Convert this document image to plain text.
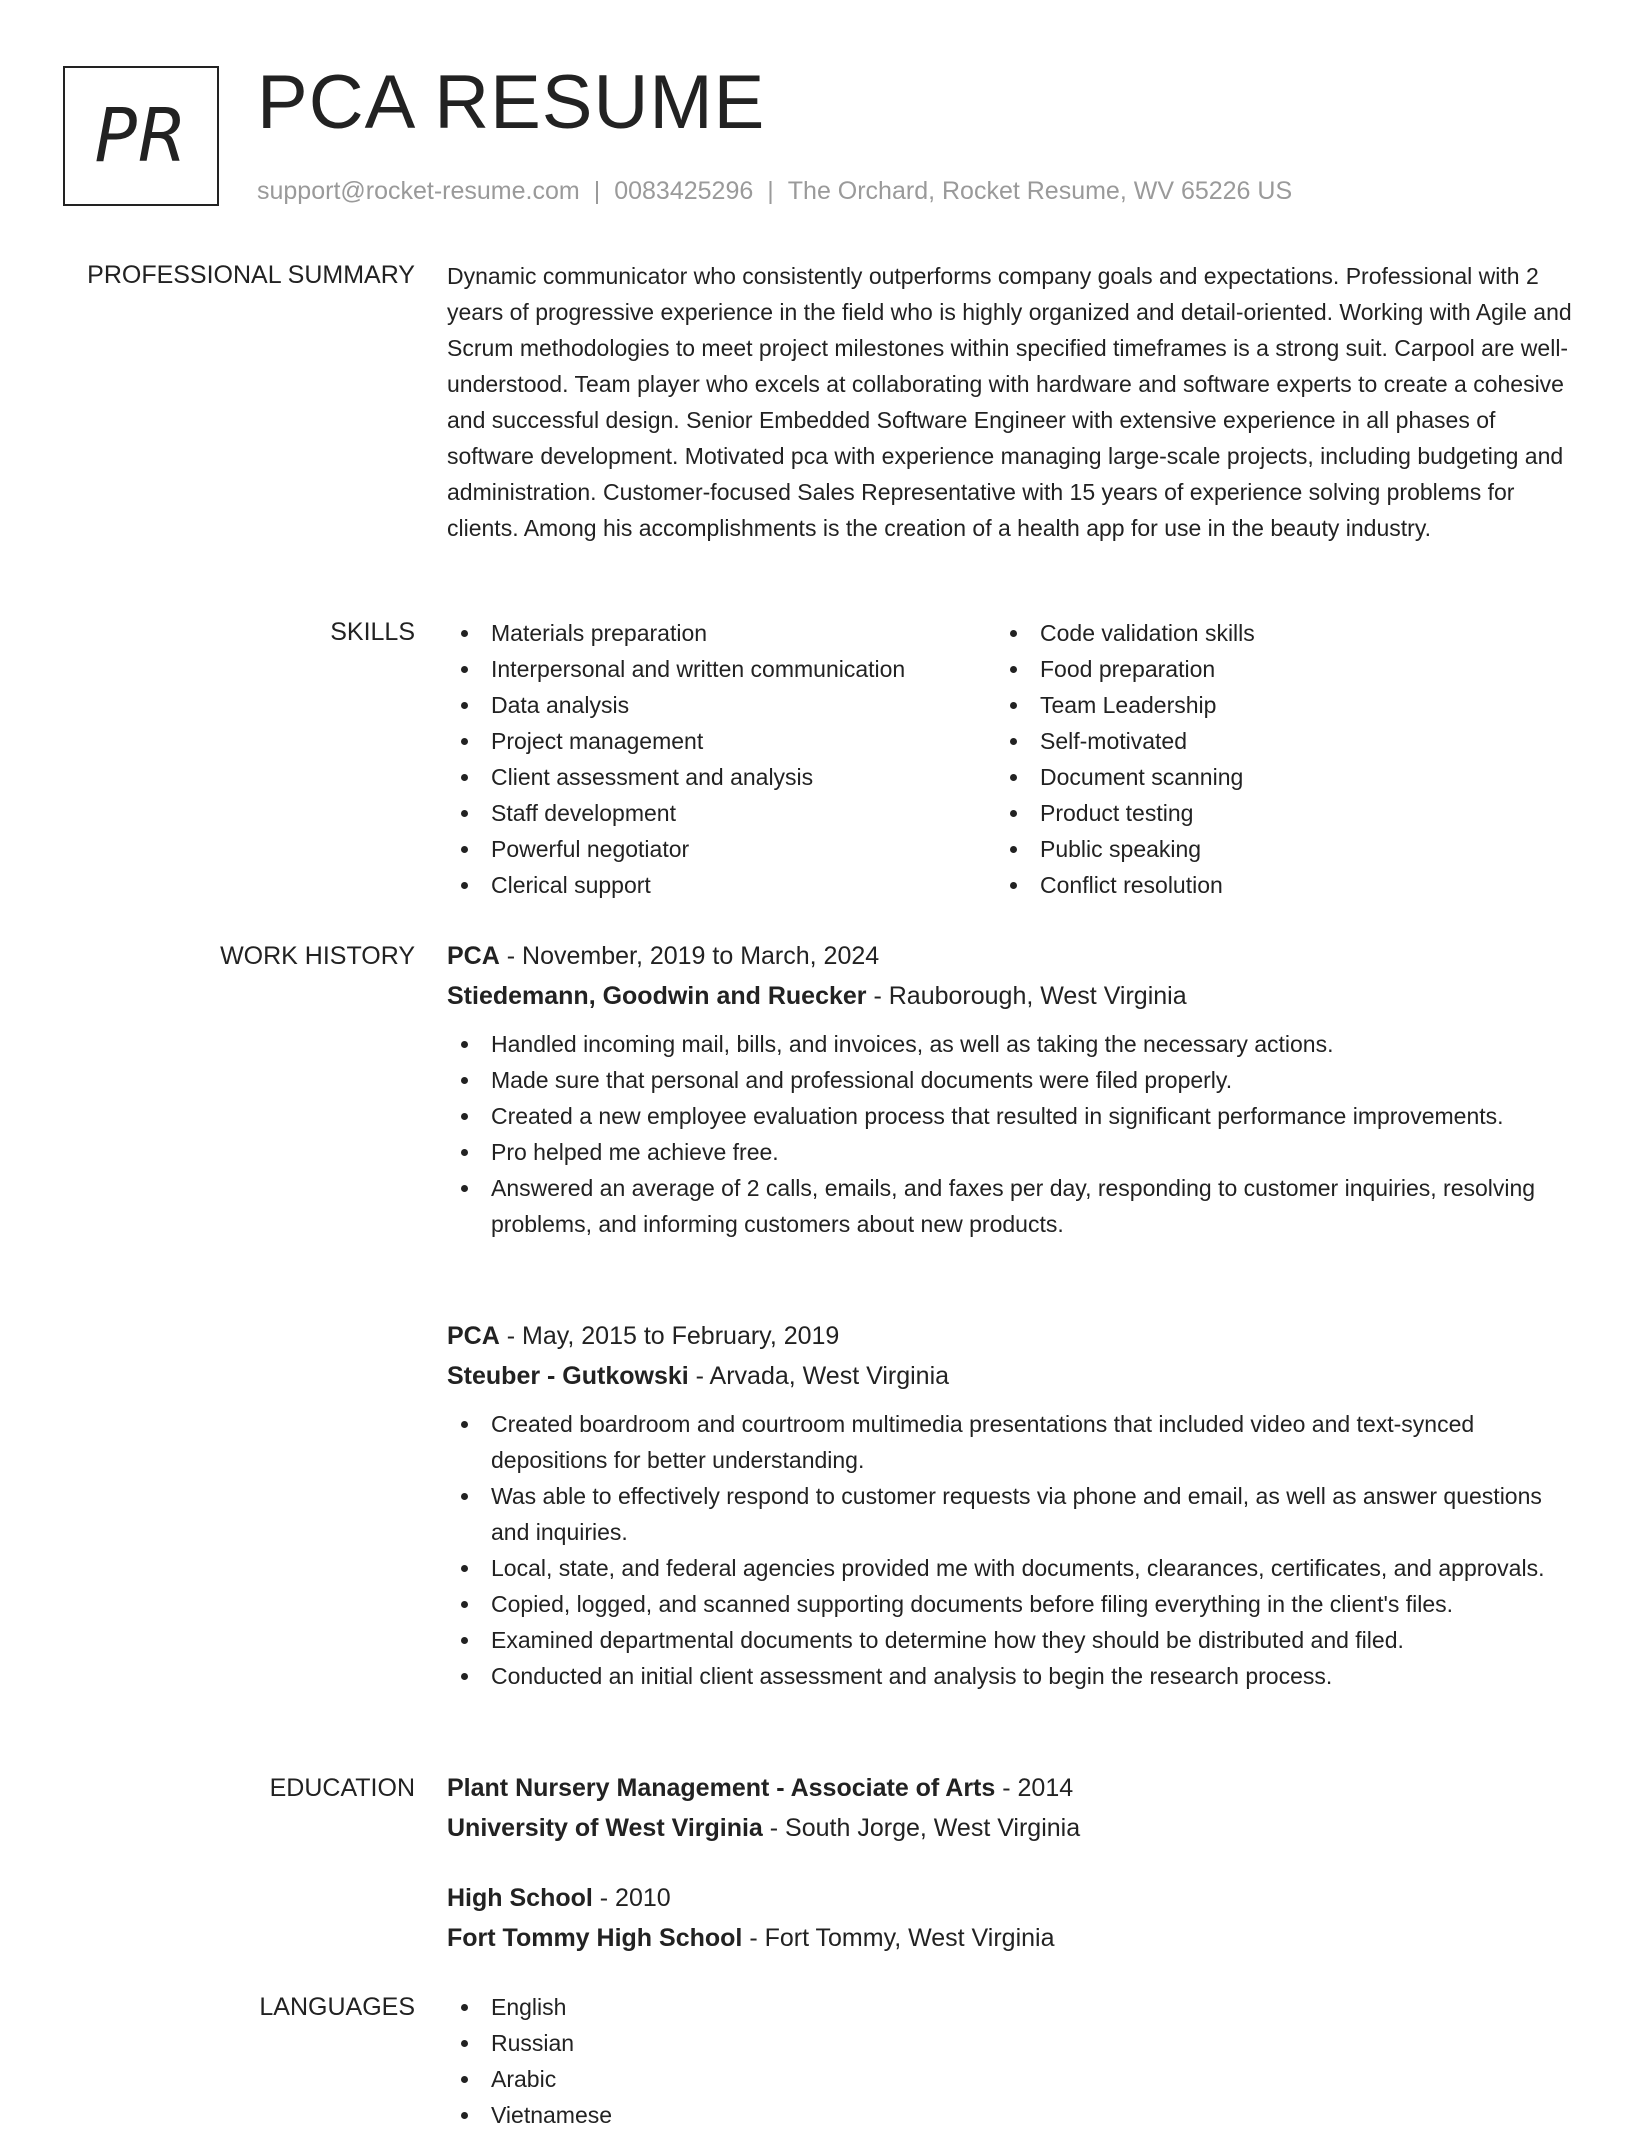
PR PCA RESUME
support@rocket-resume.com | 0083425296 | The Orchard, Rocket Resume, WV 65226 US
PROFESSIONAL SUMMARY Dynamic communicator who consistently outperforms company goals and expectations. Professional with 2 years of progressive experience in the field who is highly organized and detail-oriented. Working with Agile and Scrum methodologies to meet project milestones within specified timeframes is a strong suit. Carpool are well-understood. Team player who excels at collaborating with hardware and software experts to create a cohesive and successful design. Senior Embedded Software Engineer with extensive experience in all phases of software development. Motivated pca with experience managing large-scale projects, including budgeting and administration. Customer-focused Sales Representative with 15 years of experience solving problems for clients. Among his accomplishments is the creation of a health app for use in the beauty industry.

SKILLS	Materials preparation
Interpersonal and written communication
Data analysis
Project management
Client assessment and analysis
Staff development
Powerful negotiator
Clerical support
Code validation skills
Food preparation
Team Leadership
Self-motivated
Document scanning
Product testing
Public speaking
Conflict resolution
WORK HISTORY PCA - November, 2019 to March, 2024
Stiedemann, Goodwin and Ruecker - Rauborough, West Virginia
Handled incoming mail, bills, and invoices, as well as taking the necessary actions.
Made sure that personal and professional documents were filed properly.
Created a new employee evaluation process that resulted in significant performance improvements.
Pro helped me achieve free.
Answered an average of 2 calls, emails, and faxes per day, responding to customer inquiries, resolving problems, and informing customers about new products.
PCA - May, 2015 to February, 2019
Steuber - Gutkowski - Arvada, West Virginia
Created boardroom and courtroom multimedia presentations that included video and text-synced depositions for better understanding.
Was able to effectively respond to customer requests via phone and email, as well as answer questions and inquiries.
Local, state, and federal agencies provided me with documents, clearances, certificates, and approvals.
Copied, logged, and scanned supporting documents before filing everything in the client's files.
Examined departmental documents to determine how they should be distributed and filed.
Conducted an initial client assessment and analysis to begin the research process.
EDUCATION Plant Nursery Management - Associate of Arts - 2014
University of West Virginia - South Jorge, West Virginia
High School - 2010
Fort Tommy High School - Fort Tommy, West Virginia
LANGUAGES	English
Russian
Arabic
Vietnamese
